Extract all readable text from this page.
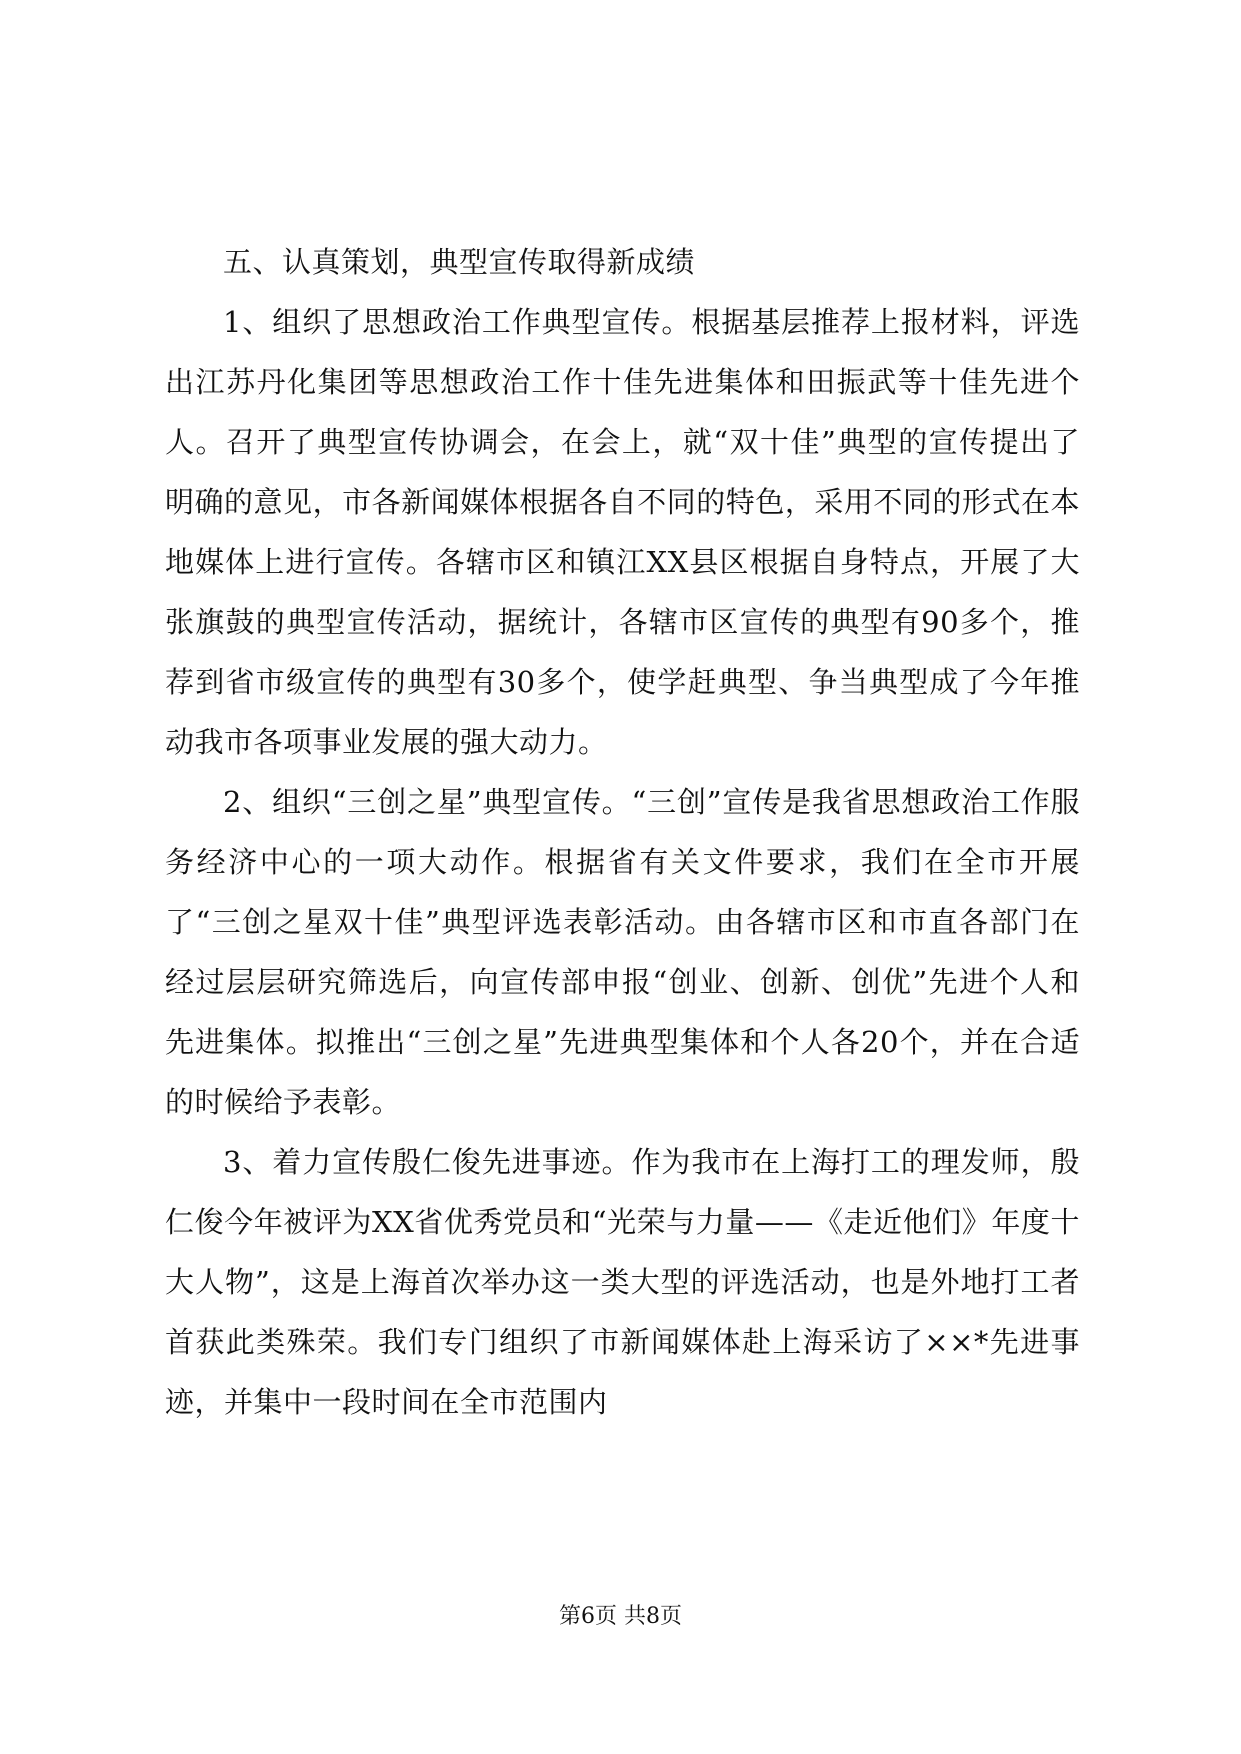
五、认真策划，典型宣传取得新成绩

1、组织了思想政治工作典型宣传。根据基层推荐上报材料，评选出江苏丹化集团等思想政治工作十佳先进集体和田振武等十佳先进个人。召开了典型宣传协调会，在会上，就“双十佳”典型的宣传提出了明确的意见，市各新闻媒体根据各自不同的特色，采用不同的形式在本地媒体上进行宣传。各辖市区和镇江XX县区根据自身特点，开展了大张旗鼓的典型宣传活动，据统计，各辖市区宣传的典型有90多个，推荐到省市级宣传的典型有30多个，使学赶典型、争当典型成了今年推动我市各项事业发展的强大动力。

2、组织“三创之星”典型宣传。“三创”宣传是我省思想政治工作服务经济中心的一项大动作。根据省有关文件要求，我们在全市开展了“三创之星双十佳”典型评选表彰活动。由各辖市区和市直各部门在经过层层研究筛选后，向宣传部申报“创业、创新、创优”先进个人和先进集体。拟推出“三创之星”先进典型集体和个人各20个，并在合适的时候给予表彰。

3、着力宣传殷仁俊先进事迹。作为我市在上海打工的理发师，殷仁俊今年被评为XX省优秀党员和“光荣与力量——《走近他们》年度十大人物”，这是上海首次举办这一类大型的评选活动，也是外地打工者首获此类殊荣。我们专门组织了市新闻媒体赴上海采访了××*先进事迹，并集中一段时间在全市范围内

第6页 共8页
